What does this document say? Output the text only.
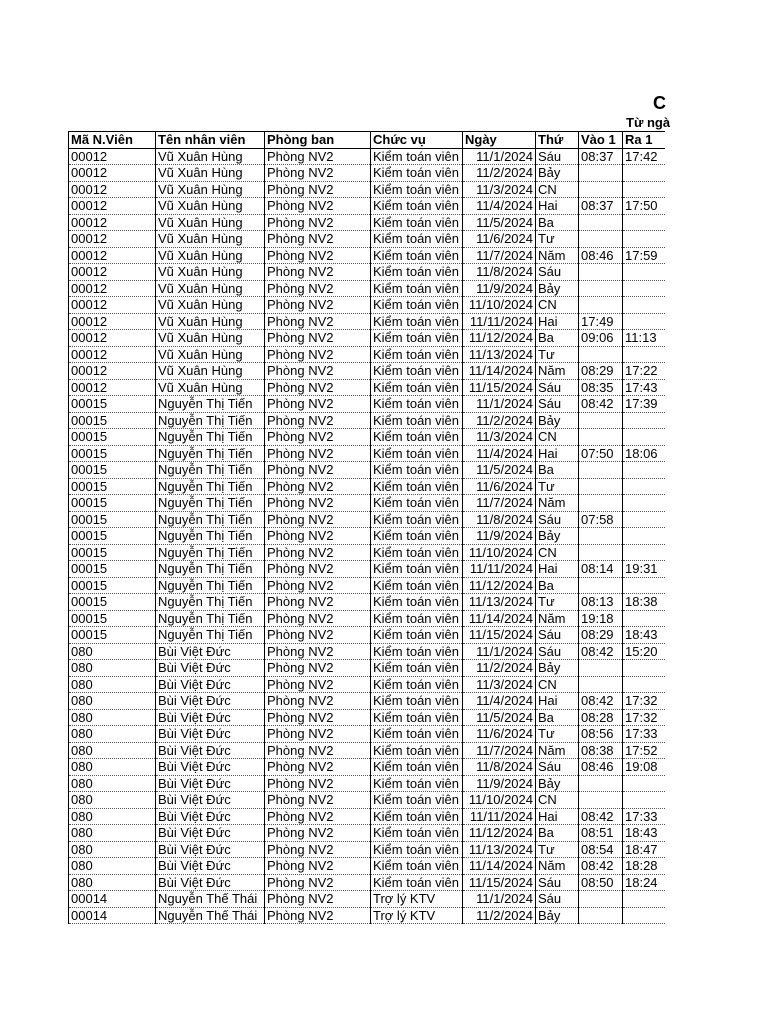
C
Từ ngà
Mã N.Viên	Tên nhân viên	Phòng ban	Chức vụ	Ngày	Thứ	Vào 1	Ra 1
00012	Vũ Xuân Hùng	Phòng NV2	Kiểm toán viên	11/1/2024	Sáu	08:37	17:42
00012	Vũ Xuân Hùng	Phòng NV2	Kiểm toán viên	11/2/2024	Bảy		
00012	Vũ Xuân Hùng	Phòng NV2	Kiểm toán viên	11/3/2024	CN		
00012	Vũ Xuân Hùng	Phòng NV2	Kiểm toán viên	11/4/2024	Hai	08:37	17:50
00012	Vũ Xuân Hùng	Phòng NV2	Kiểm toán viên	11/5/2024	Ba		
00012	Vũ Xuân Hùng	Phòng NV2	Kiểm toán viên	11/6/2024	Tư		
00012	Vũ Xuân Hùng	Phòng NV2	Kiểm toán viên	11/7/2024	Năm	08:46	17:59
00012	Vũ Xuân Hùng	Phòng NV2	Kiểm toán viên	11/8/2024	Sáu		
00012	Vũ Xuân Hùng	Phòng NV2	Kiểm toán viên	11/9/2024	Bảy		
00012	Vũ Xuân Hùng	Phòng NV2	Kiểm toán viên	11/10/2024	CN		
00012	Vũ Xuân Hùng	Phòng NV2	Kiểm toán viên	11/11/2024	Hai	17:49	
00012	Vũ Xuân Hùng	Phòng NV2	Kiểm toán viên	11/12/2024	Ba	09:06	11:13
00012	Vũ Xuân Hùng	Phòng NV2	Kiểm toán viên	11/13/2024	Tư		
00012	Vũ Xuân Hùng	Phòng NV2	Kiểm toán viên	11/14/2024	Năm	08:29	17:22
00012	Vũ Xuân Hùng	Phòng NV2	Kiểm toán viên	11/15/2024	Sáu	08:35	17:43
00015	Nguyễn Thị Tiến	Phòng NV2	Kiểm toán viên	11/1/2024	Sáu	08:42	17:39
00015	Nguyễn Thị Tiến	Phòng NV2	Kiểm toán viên	11/2/2024	Bảy		
00015	Nguyễn Thị Tiến	Phòng NV2	Kiểm toán viên	11/3/2024	CN		
00015	Nguyễn Thị Tiến	Phòng NV2	Kiểm toán viên	11/4/2024	Hai	07:50	18:06
00015	Nguyễn Thị Tiến	Phòng NV2	Kiểm toán viên	11/5/2024	Ba		
00015	Nguyễn Thị Tiến	Phòng NV2	Kiểm toán viên	11/6/2024	Tư		
00015	Nguyễn Thị Tiến	Phòng NV2	Kiểm toán viên	11/7/2024	Năm		
00015	Nguyễn Thị Tiến	Phòng NV2	Kiểm toán viên	11/8/2024	Sáu	07:58	
00015	Nguyễn Thị Tiến	Phòng NV2	Kiểm toán viên	11/9/2024	Bảy		
00015	Nguyễn Thị Tiến	Phòng NV2	Kiểm toán viên	11/10/2024	CN		
00015	Nguyễn Thị Tiến	Phòng NV2	Kiểm toán viên	11/11/2024	Hai	08:14	19:31
00015	Nguyễn Thị Tiến	Phòng NV2	Kiểm toán viên	11/12/2024	Ba		
00015	Nguyễn Thị Tiến	Phòng NV2	Kiểm toán viên	11/13/2024	Tư	08:13	18:38
00015	Nguyễn Thị Tiến	Phòng NV2	Kiểm toán viên	11/14/2024	Năm	19:18	
00015	Nguyễn Thị Tiến	Phòng NV2	Kiểm toán viên	11/15/2024	Sáu	08:29	18:43
080	Bùi Việt Đức	Phòng NV2	Kiểm toán viên	11/1/2024	Sáu	08:42	15:20
080	Bùi Việt Đức	Phòng NV2	Kiểm toán viên	11/2/2024	Bảy		
080	Bùi Việt Đức	Phòng NV2	Kiểm toán viên	11/3/2024	CN		
080	Bùi Việt Đức	Phòng NV2	Kiểm toán viên	11/4/2024	Hai	08:42	17:32
080	Bùi Việt Đức	Phòng NV2	Kiểm toán viên	11/5/2024	Ba	08:28	17:32
080	Bùi Việt Đức	Phòng NV2	Kiểm toán viên	11/6/2024	Tư	08:56	17:33
080	Bùi Việt Đức	Phòng NV2	Kiểm toán viên	11/7/2024	Năm	08:38	17:52
080	Bùi Việt Đức	Phòng NV2	Kiểm toán viên	11/8/2024	Sáu	08:46	19:08
080	Bùi Việt Đức	Phòng NV2	Kiểm toán viên	11/9/2024	Bảy		
080	Bùi Việt Đức	Phòng NV2	Kiểm toán viên	11/10/2024	CN		
080	Bùi Việt Đức	Phòng NV2	Kiểm toán viên	11/11/2024	Hai	08:42	17:33
080	Bùi Việt Đức	Phòng NV2	Kiểm toán viên	11/12/2024	Ba	08:51	18:43
080	Bùi Việt Đức	Phòng NV2	Kiểm toán viên	11/13/2024	Tư	08:54	18:47
080	Bùi Việt Đức	Phòng NV2	Kiểm toán viên	11/14/2024	Năm	08:42	18:28
080	Bùi Việt Đức	Phòng NV2	Kiểm toán viên	11/15/2024	Sáu	08:50	18:24
00014	Nguyễn Thế Thái	Phòng NV2	Trợ lý KTV	11/1/2024	Sáu		
00014	Nguyễn Thế Thái	Phòng NV2	Trợ lý KTV	11/2/2024	Bảy		
